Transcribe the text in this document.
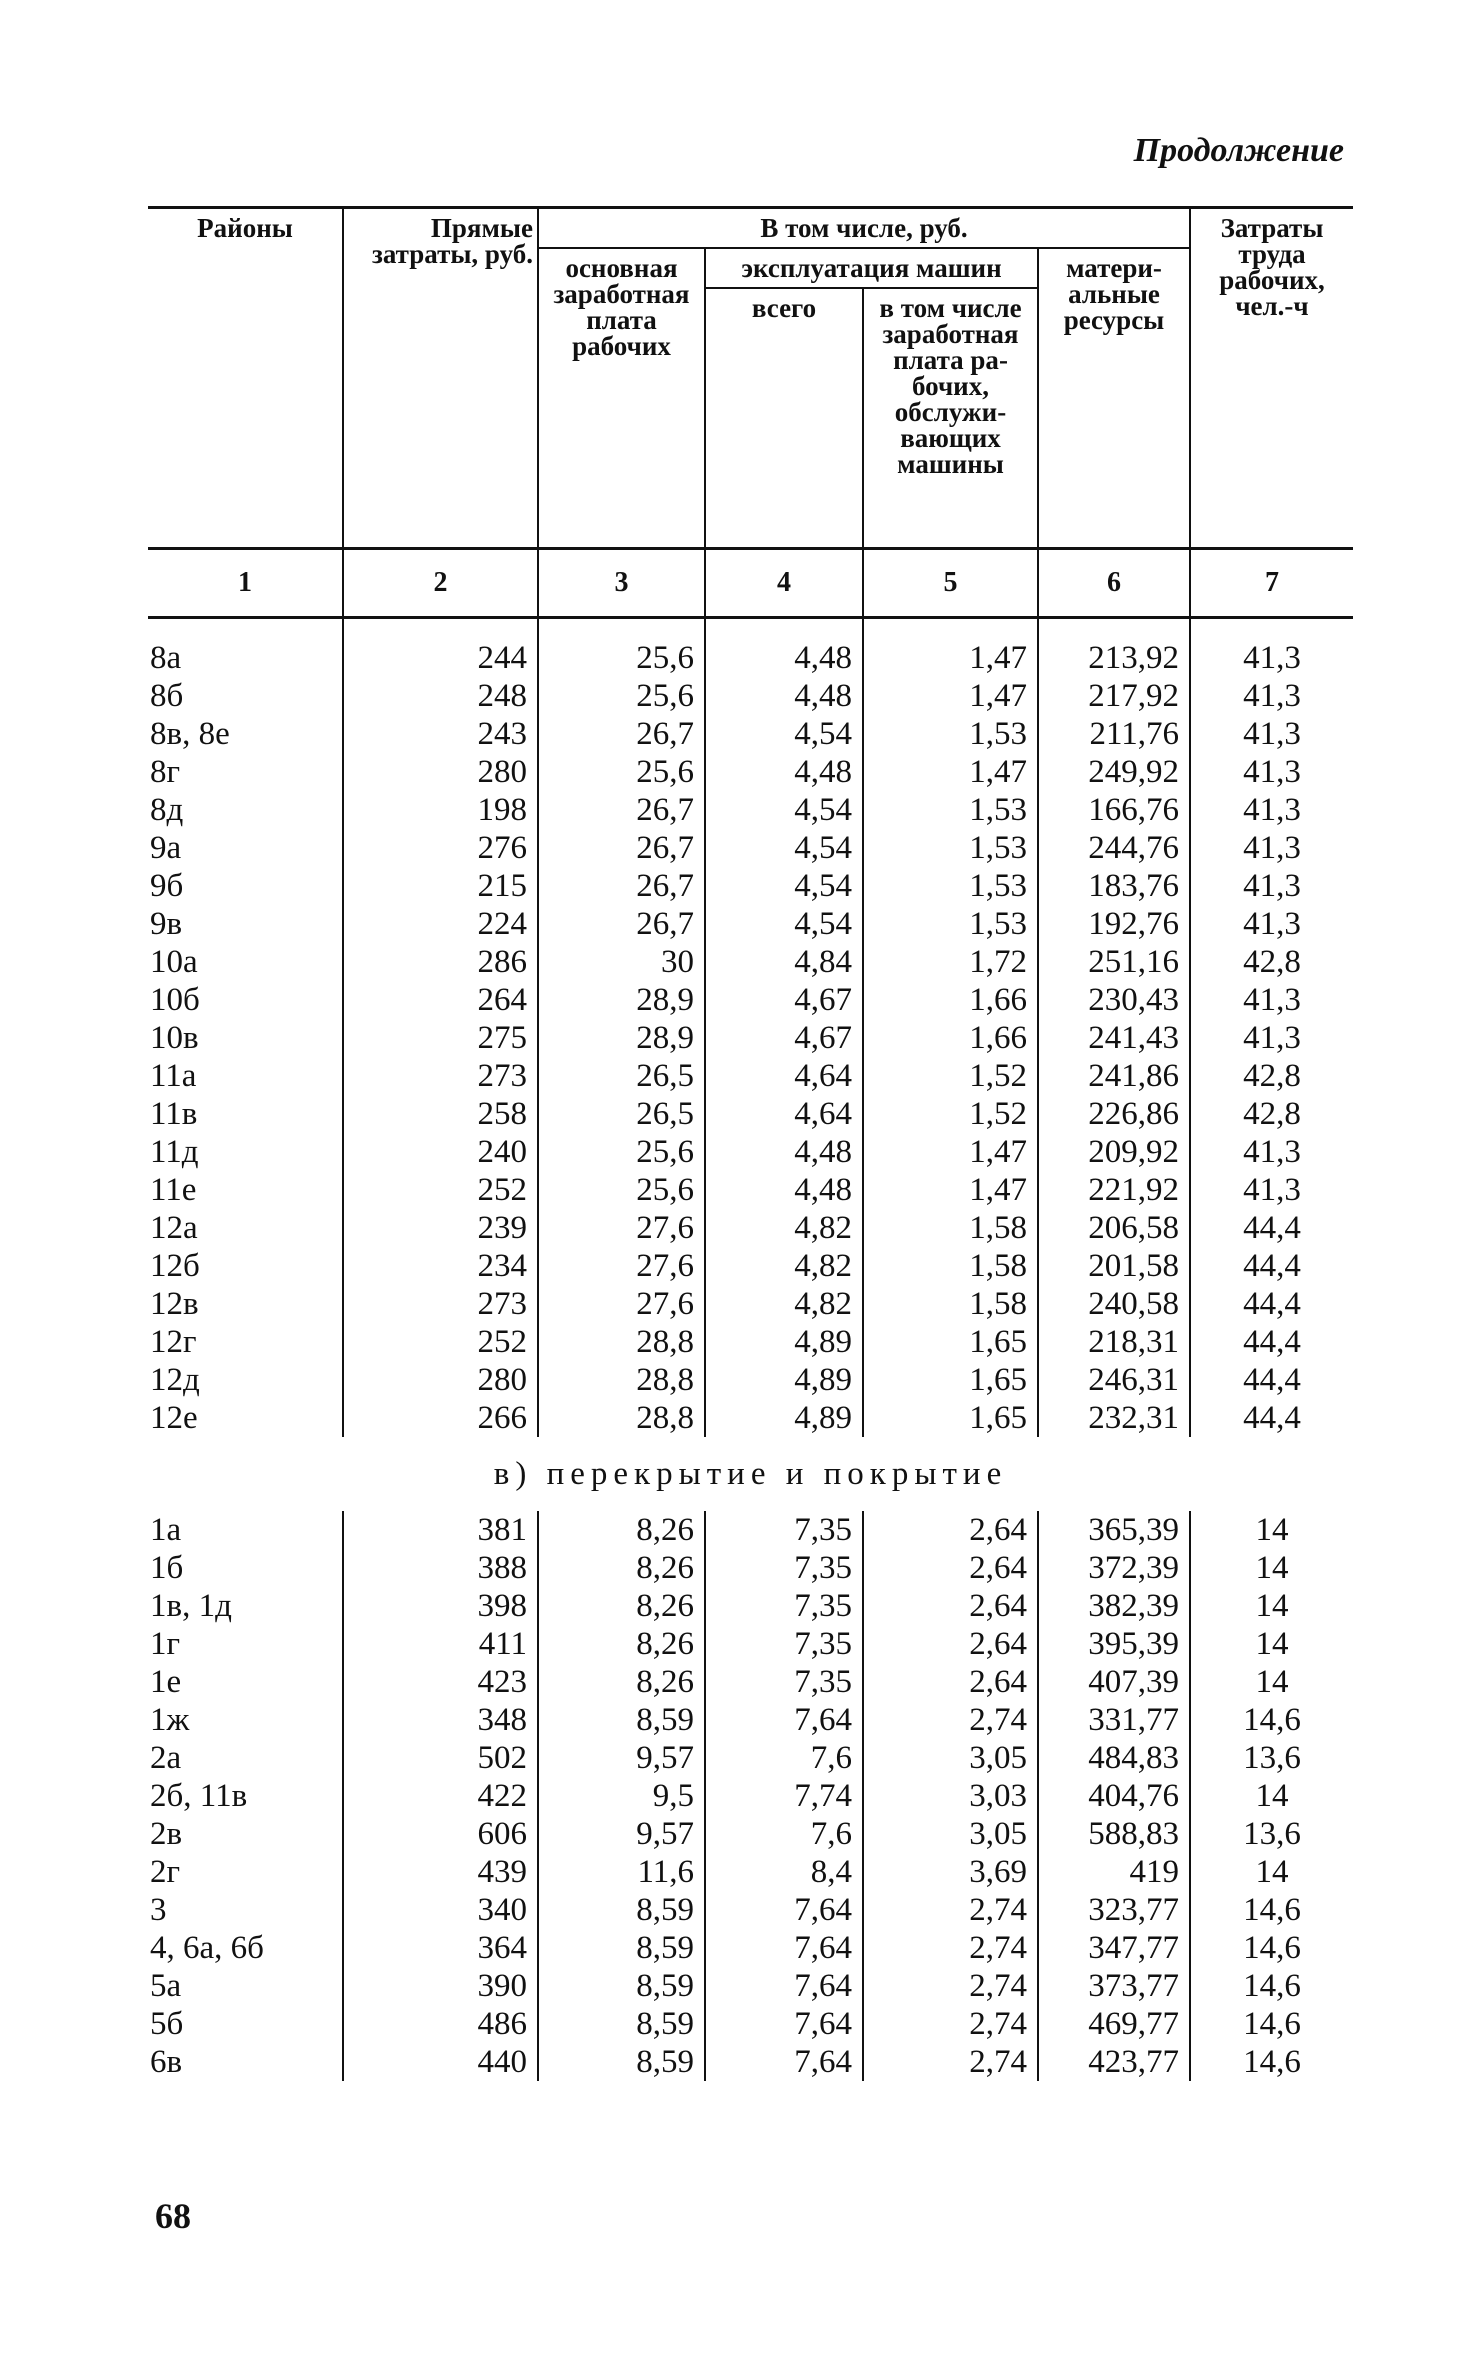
Продолжение
Районы	Прямые затраты, руб.	В том числе, руб.				Затраты труда рабочих, чел.-ч
		основная заработная плата рабочих	эксплуатация машин		материальные ресурсы	
			всего	в том числе заработная плата рабочих, обслуживающих машины		
1	2	3	4	5	6	7

8а	244	25,6	4,48	1,47	213,92	41,3
8б	248	25,6	4,48	1,47	217,92	41,3
8в, 8е	243	26,7	4,54	1,53	211,76	41,3
8г	280	25,6	4,48	1,47	249,92	41,3
8д	198	26,7	4,54	1,53	166,76	41,3
9а	276	26,7	4,54	1,53	244,76	41,3
9б	215	26,7	4,54	1,53	183,76	41,3
9в	224	26,7	4,54	1,53	192,76	41,3
10а	286	30	4,84	1,72	251,16	42,8
10б	264	28,9	4,67	1,66	230,43	41,3
10в	275	28,9	4,67	1,66	241,43	41,3
11а	273	26,5	4,64	1,52	241,86	42,8
11в	258	26,5	4,64	1,52	226,86	42,8
11д	240	25,6	4,48	1,47	209,92	41,3
11е	252	25,6	4,48	1,47	221,92	41,3
12а	239	27,6	4,82	1,58	206,58	44,4
12б	234	27,6	4,82	1,58	201,58	44,4
12в	273	27,6	4,82	1,58	240,58	44,4
12г	252	28,8	4,89	1,65	218,31	44,4
12д	280	28,8	4,89	1,65	246,31	44,4
12е	266	28,8	4,89	1,65	232,31	44,4
в) перекрытие и покрытие						
1а	381	8,26	7,35	2,64	365,39	14
1б	388	8,26	7,35	2,64	372,39	14
1в, 1д	398	8,26	7,35	2,64	382,39	14
1г	411	8,26	7,35	2,64	395,39	14
1е	423	8,26	7,35	2,64	407,39	14
1ж	348	8,59	7,64	2,74	331,77	14,6
2а	502	9,57	7,6	3,05	484,83	13,6
2б, 11в	422	9,5	7,74	3,03	404,76	14
2в	606	9,57	7,6	3,05	588,83	13,6
2г	439	11,6	8,4	3,69	419	14
3	340	8,59	7,64	2,74	323,77	14,6
4, 6а, 6б	364	8,59	7,64	2,74	347,77	14,6
5а	390	8,59	7,64	2,74	373,77	14,6
5б	486	8,59	7,64	2,74	469,77	14,6
6в	440	8,59	7,64	2,74	423,77	14,6
68
